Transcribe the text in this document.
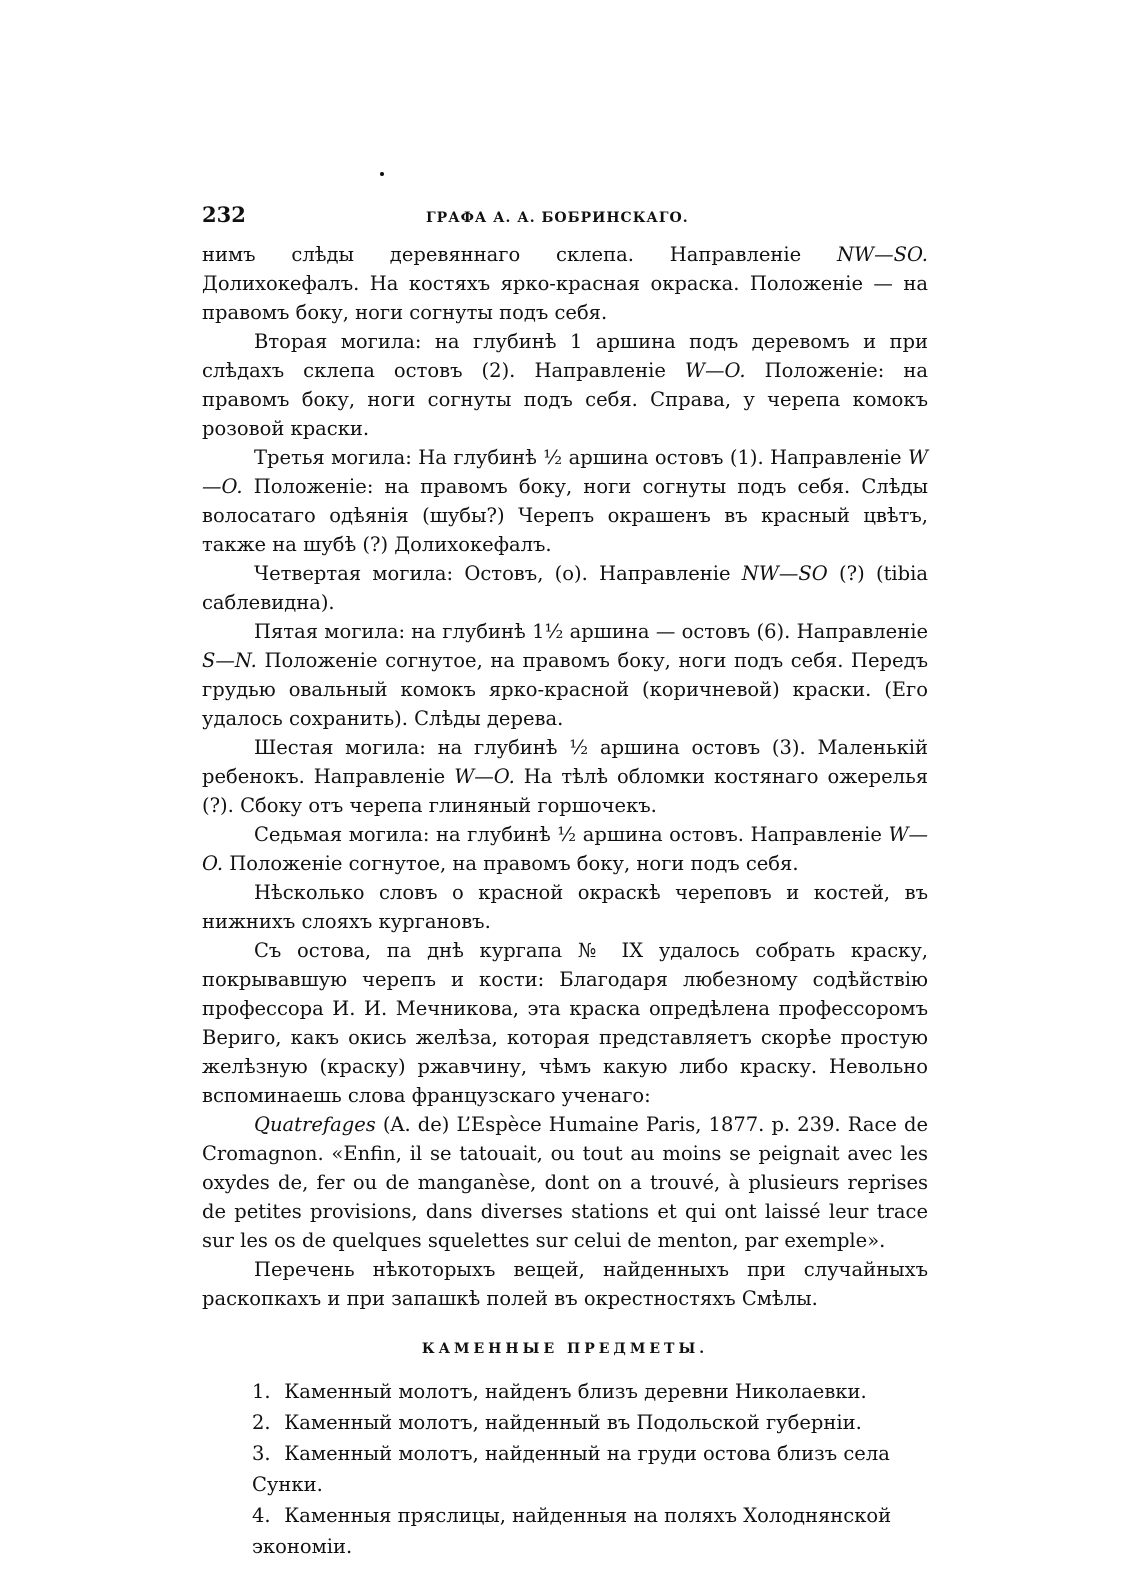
232	ГРАФА А. А. БОБРИНСКАГО.

нимъ слѣды деревяннаго склепа. Направленіе NW—SO. Долихокефалъ. На костяхъ ярко-красная окраска. Положеніе — на правомъ боку, ноги согнуты подъ себя.

Вторая могила: на глубинѣ 1 аршина подъ деревомъ и при слѣдахъ склепа остовъ (2). Направленіе W—O. Положеніе: на правомъ боку, ноги согнуты подъ себя. Справа, у черепа комокъ розовой краски.

Третья могила: На глубинѣ ½ аршина остовъ (1). Направленіе W—O. Положеніе: на правомъ боку, ноги согнуты подъ себя. Слѣды волосатаго одѣянія (шубы?) Черепъ окрашенъ въ красный цвѣтъ, также на шубѣ (?) Долихокефалъ.

Четвертая могила: Остовъ, (о). Направленіе NW—SO (?) (tibia саблевидна).

Пятая могила: на глубинѣ 1½ аршина — остовъ (6). Направленіе S—N. Положеніе согнутое, на правомъ боку, ноги подъ себя. Передъ грудью овальный комокъ ярко-красной (коричневой) краски. (Его удалось сохранить). Слѣды дерева.

Шестая могила: на глубинѣ ½ аршина остовъ (3). Маленькій ребенокъ. Направленіе W—O. На тѣлѣ обломки костянаго ожерелья (?). Сбоку отъ черепа глиняный горшочекъ.

Седьмая могила: на глубинѣ ½ аршина остовъ. Направленіе W—O. Положеніе согнутое, на правомъ боку, ноги подъ себя.

Нѣсколько словъ о красной окраскѣ череповъ и костей, въ нижнихъ слояхъ кургановъ.

Съ остова, па днѣ кургапа № IX удалось собрать краску, покрывавшую черепъ и кости: Благодаря любезному содѣйствію профессора И. И. Мечникова, эта краска опредѣлена профессоромъ Вериго, какъ окись желѣза, которая представляетъ скорѣе простую желѣзную (краску) ржавчину, чѣмъ какую либо краску. Невольно вспоминаешь слова французскаго ученаго:

Quatrefages (A. de) L’Espèce Humaine Paris, 1877. p. 239. Race de Cromagnon. «Enfin, il se tatouait, ou tout au moins se peignait avec les oxydes de, fer ou de manganèse, dont on a trouvé, à plusieurs reprises de petites provisions, dans diverses stations et qui ont laissé leur trace sur les os de quelques squelettes sur celui de menton, par exemple».

Перечень нѣкоторыхъ вещей, найденныхъ при случайныхъ раскопкахъ и при запашкѣ полей въ окрестностяхъ Смѣлы.

КАМЕННЫЕ ПРЕДМЕТЫ.
1. Каменный молотъ, найденъ близъ деревни Николаевки.
2. Каменный молотъ, найденный въ Подольской губерніи.
3. Каменный молотъ, найденный на груди остова близъ села Сунки.
4. Каменныя пряслицы, найденныя на поляхъ Холоднянской экономіи.
